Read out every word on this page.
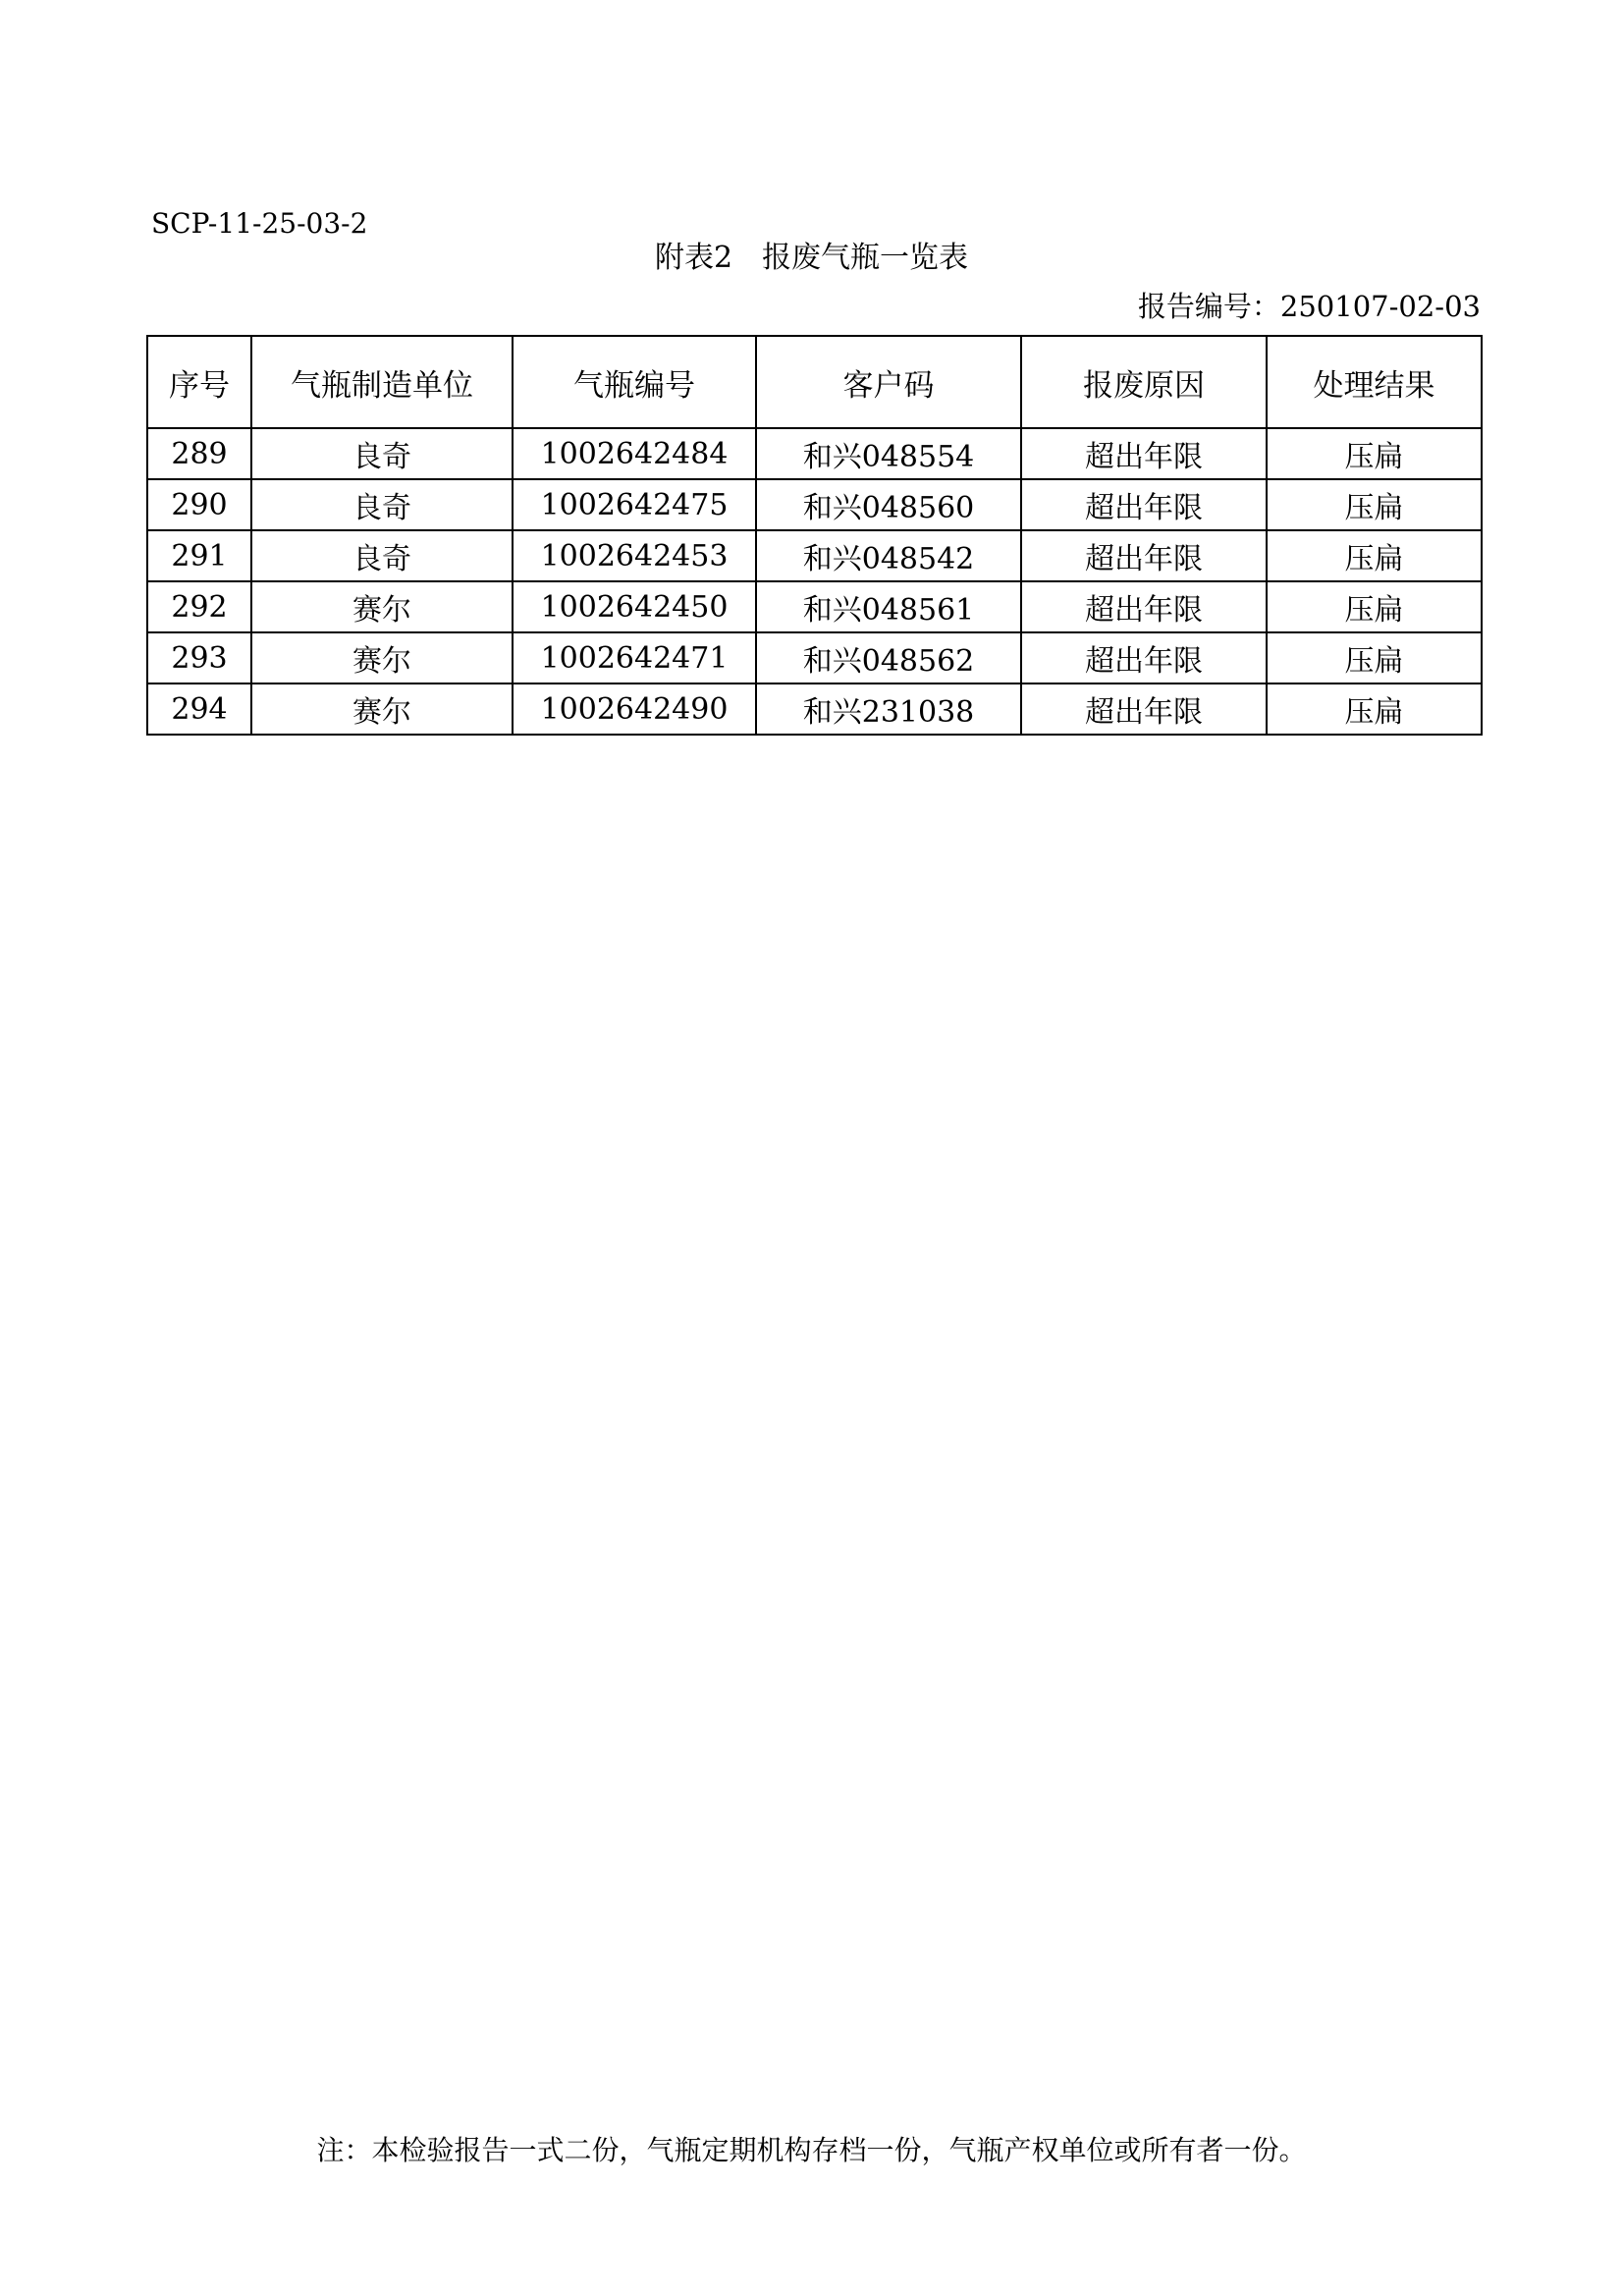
SCP-11-25-03-2
附表2　报废气瓶一览表
报告编号：250107-02-03
序号	气瓶制造单位	气瓶编号	客户码	报废原因	处理结果
289	良奇	1002642484	和兴048554	超出年限	压扁
290	良奇	1002642475	和兴048560	超出年限	压扁
291	良奇	1002642453	和兴048542	超出年限	压扁
292	赛尔	1002642450	和兴048561	超出年限	压扁
293	赛尔	1002642471	和兴048562	超出年限	压扁
294	赛尔	1002642490	和兴231038	超出年限	压扁
注：本检验报告一式二份，气瓶定期机构存档一份，气瓶产权单位或所有者一份。
